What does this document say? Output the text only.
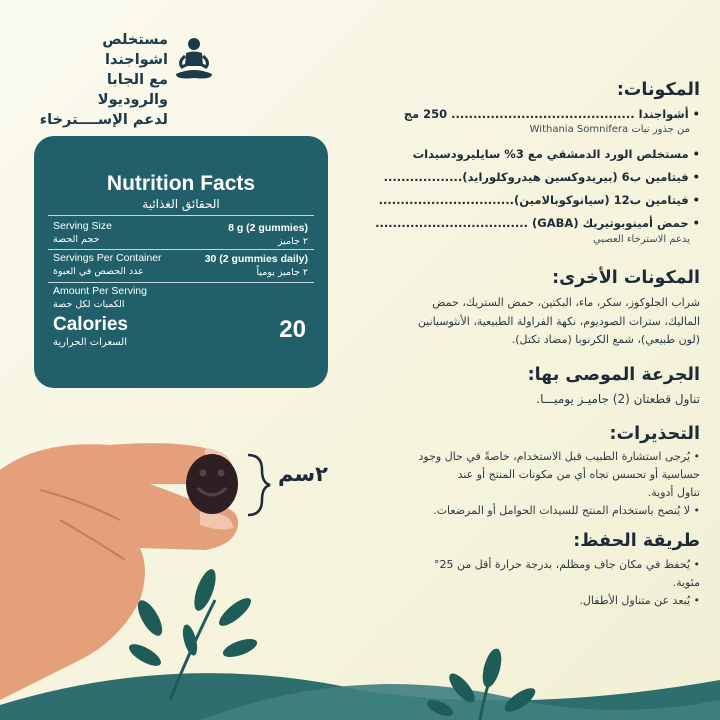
مستخلص اشواجندا
مع الجابا والروديولا
لدعم الإســــترخاء
Nutrition Facts
الحقائق الغذائية
Serving Size
حجم الحصة
8 g (2 gummies)
٢ جاميز
Servings Per Container
عدد الحصص في العبوة
30 (2 gummies daily)
٢ جاميز يومياً
Amount Per Serving
الكميات لكل حصة
Calories
السعرات الحرارية	20
المكونات:
• أشواجندا .......................................... 250 مج
من جذور نبات Withania Somnifera
• مستخلص الورد الدمشقي مع 3% سايليرودسيدات
• فيتامين ب6 (بيريدوكسين هيدروكلورايد)..................
• فيتامين ب12 (سيانوكوبالامين)...............................
• حمض أمينوبوتيريك (GABA) ...................................
يدعم الاسترخاء العصبي
المكونات الأخرى:
شراب الجلوكوز، سكر، ماء، البكتين، حمض الستريك، حمض
الماليك، سترات الصوديوم، نكهة الفراولة الطبيعية، الأنثوسيانين
(لون طبيعي)، شمع الكرنوبا (مضاد تكتل).
الجرعة الموصى بها:
تناول قطعتان (2) جاميـز يوميـــا.
التحذيرات:
• يُرجى استشارة الطبيب قبل الاستخدام، خاصةً في حال وجود
حساسية أو تحسس تجاه أي من مكونات المنتج أو عند
تناول أدوية.
• لا يُنصح باستخدام المنتج للسيدات الحوامل أو المرضعات.
طريقة الحفظ:
• يُحفظ في مكان جاف ومظلم، بدرجة حرارة أقل من 25°
مئوية.
• يُبعد عن متناول الأطفال.
٢سم
